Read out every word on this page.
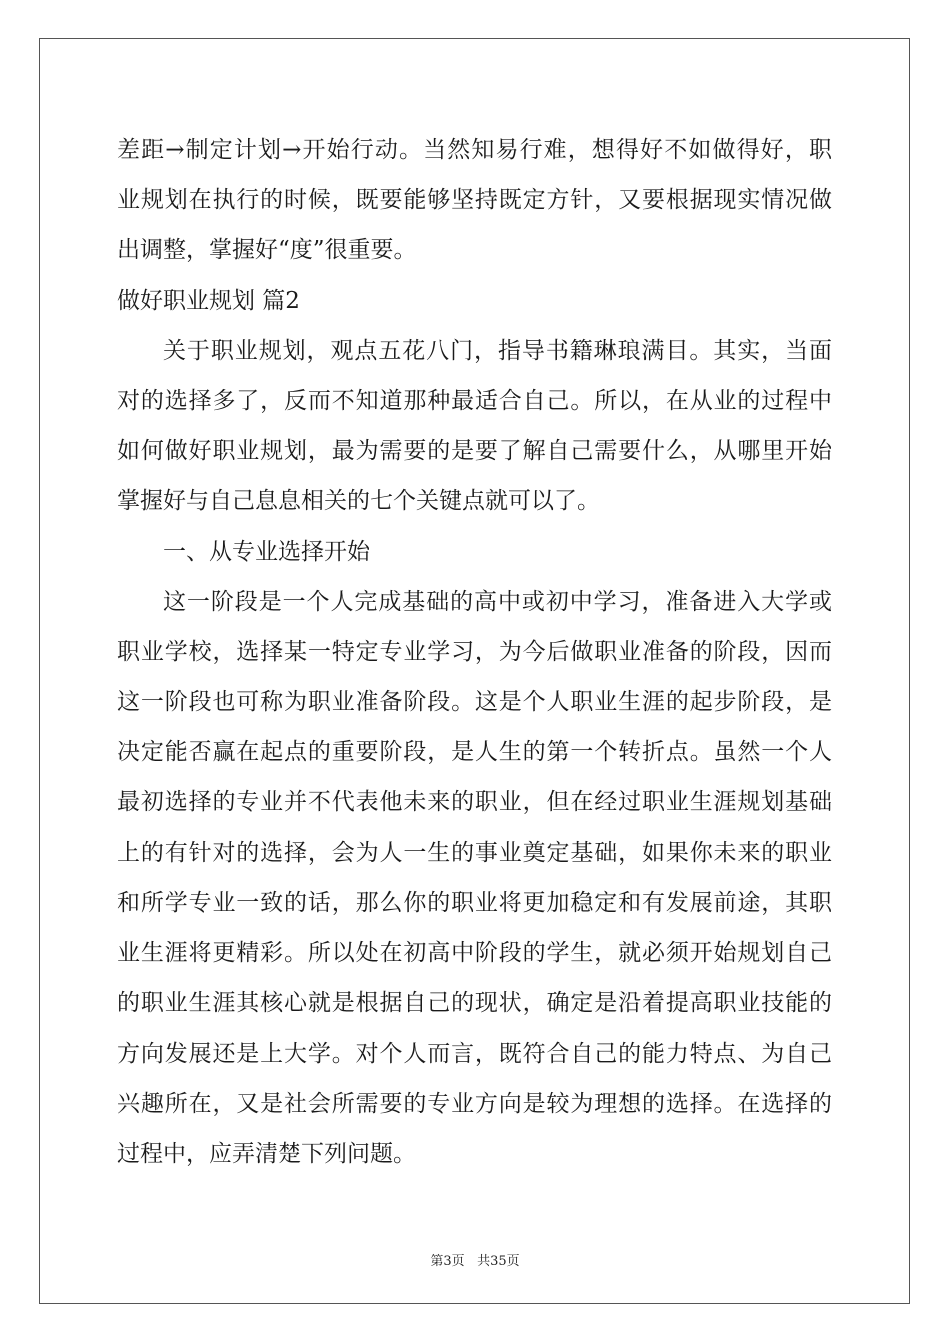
差距→制定计划→开始行动。当然知易行难，想得好不如做得好，职
业规划在执行的时候，既要能够坚持既定方针，又要根据现实情况做
出调整，掌握好“度”很重要。
做好职业规划 篇2
关于职业规划，观点五花八门，指导书籍琳琅满目。其实，当面
对的选择多了，反而不知道那种最适合自己。所以，在从业的过程中
如何做好职业规划，最为需要的是要了解自己需要什么，从哪里开始
掌握好与自己息息相关的七个关键点就可以了。
一、从专业选择开始
这一阶段是一个人完成基础的高中或初中学习，准备进入大学或
职业学校，选择某一特定专业学习，为今后做职业准备的阶段，因而
这一阶段也可称为职业准备阶段。这是个人职业生涯的起步阶段，是
决定能否赢在起点的重要阶段，是人生的第一个转折点。虽然一个人
最初选择的专业并不代表他未来的职业，但在经过职业生涯规划基础
上的有针对的选择，会为人一生的事业奠定基础，如果你未来的职业
和所学专业一致的话，那么你的职业将更加稳定和有发展前途，其职
业生涯将更精彩。所以处在初高中阶段的学生，就必须开始规划自己
的职业生涯其核心就是根据自己的现状，确定是沿着提高职业技能的
方向发展还是上大学。对个人而言，既符合自己的能力特点、为自己
兴趣所在，又是社会所需要的专业方向是较为理想的选择。在选择的
过程中，应弄清楚下列问题。
第3页 共35页
